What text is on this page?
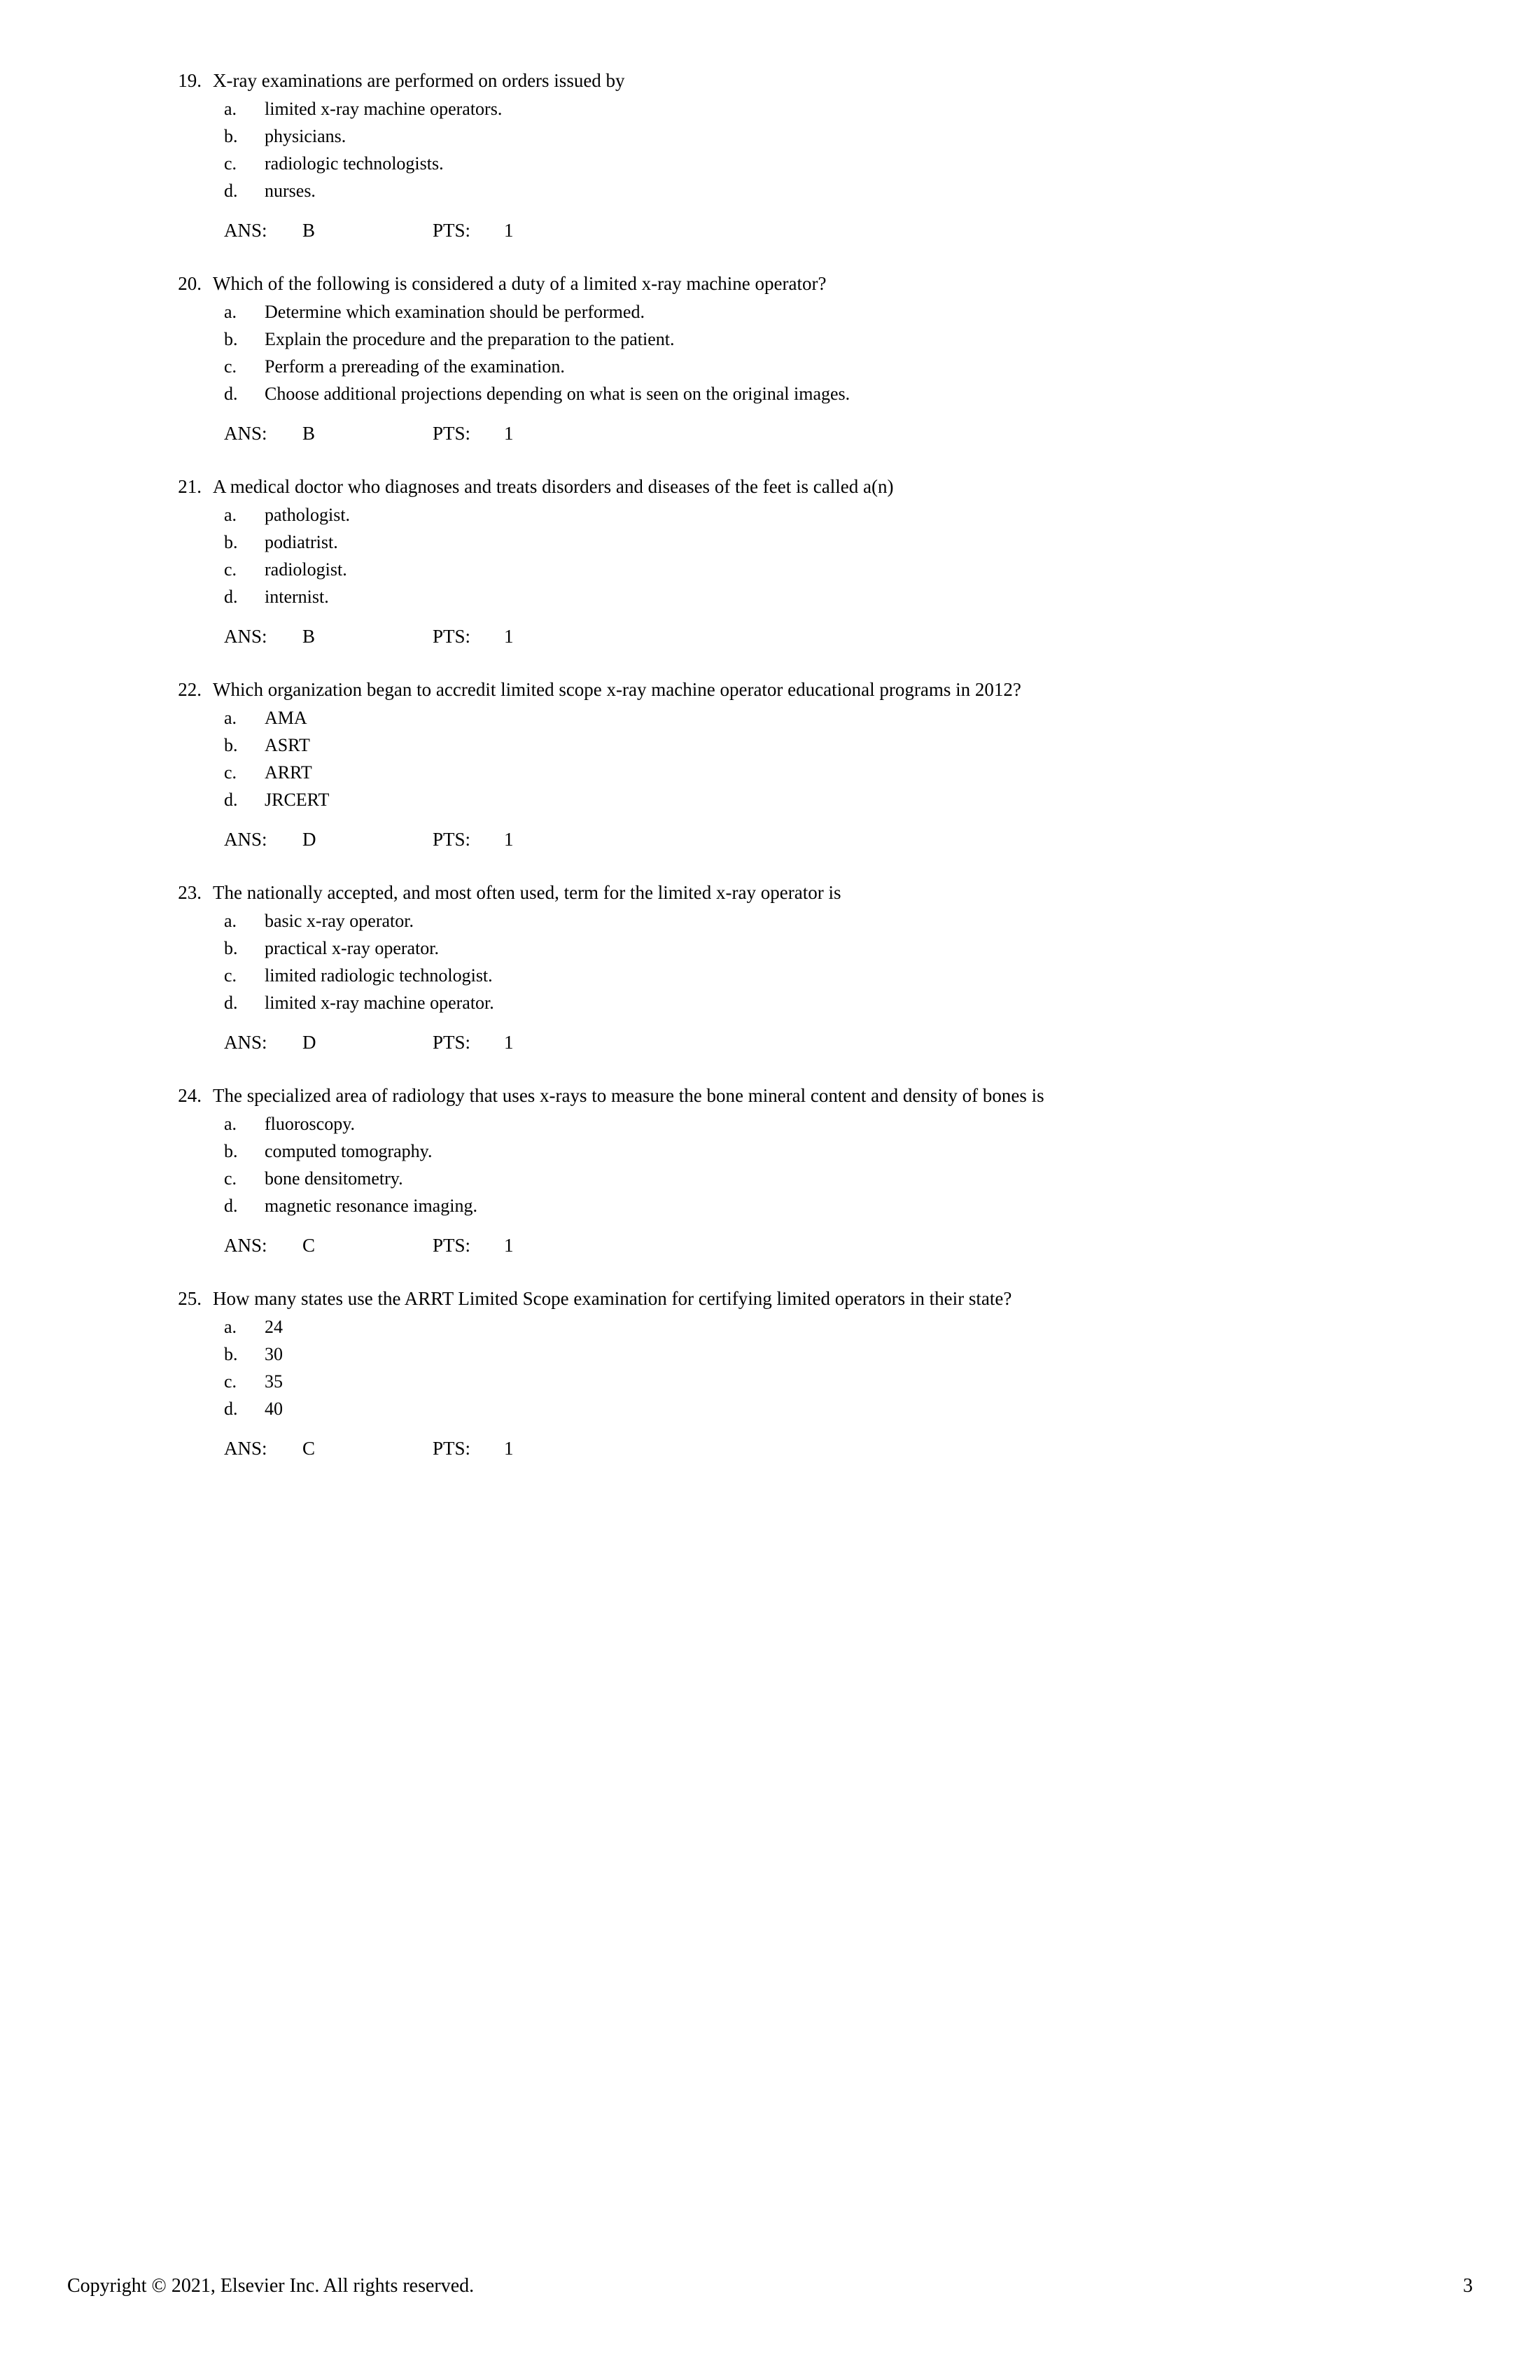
19. X-ray examinations are performed on orders issued by
a.	limited x-ray machine operators.
b.	physicians.
c.	radiologic technologists.
d.	nurses.
ANS:	B	PTS:	1
20. Which of the following is considered a duty of a limited x-ray machine operator?
a.	Determine which examination should be performed.
b.	Explain the procedure and the preparation to the patient.
c.	Perform a prereading of the examination.
d.	Choose additional projections depending on what is seen on the original images.
ANS:	B	PTS:	1
21. A medical doctor who diagnoses and treats disorders and diseases of the feet is called a(n)
a.	pathologist.
b.	podiatrist.
c.	radiologist.
d.	internist.
ANS:	B	PTS:	1
22. Which organization began to accredit limited scope x-ray machine operator educational programs in 2012?
a.	AMA
b.	ASRT
c.	ARRT
d.	JRCERT
ANS:	D	PTS:	1
23. The nationally accepted, and most often used, term for the limited x-ray operator is
a.	basic x-ray operator.
b.	practical x-ray operator.
c.	limited radiologic technologist.
d.	limited x-ray machine operator.
ANS:	D	PTS:	1
24. The specialized area of radiology that uses x-rays to measure the bone mineral content and density of bones is
a.	fluoroscopy.
b.	computed tomography.
c.	bone densitometry.
d.	magnetic resonance imaging.
ANS:	C	PTS:	1
25. How many states use the ARRT Limited Scope examination for certifying limited operators in their state?
a.	24
b.	30
c.	35
d.	40
ANS:	C	PTS:	1
Copyright © 2021, Elsevier Inc. All rights reserved.	3
